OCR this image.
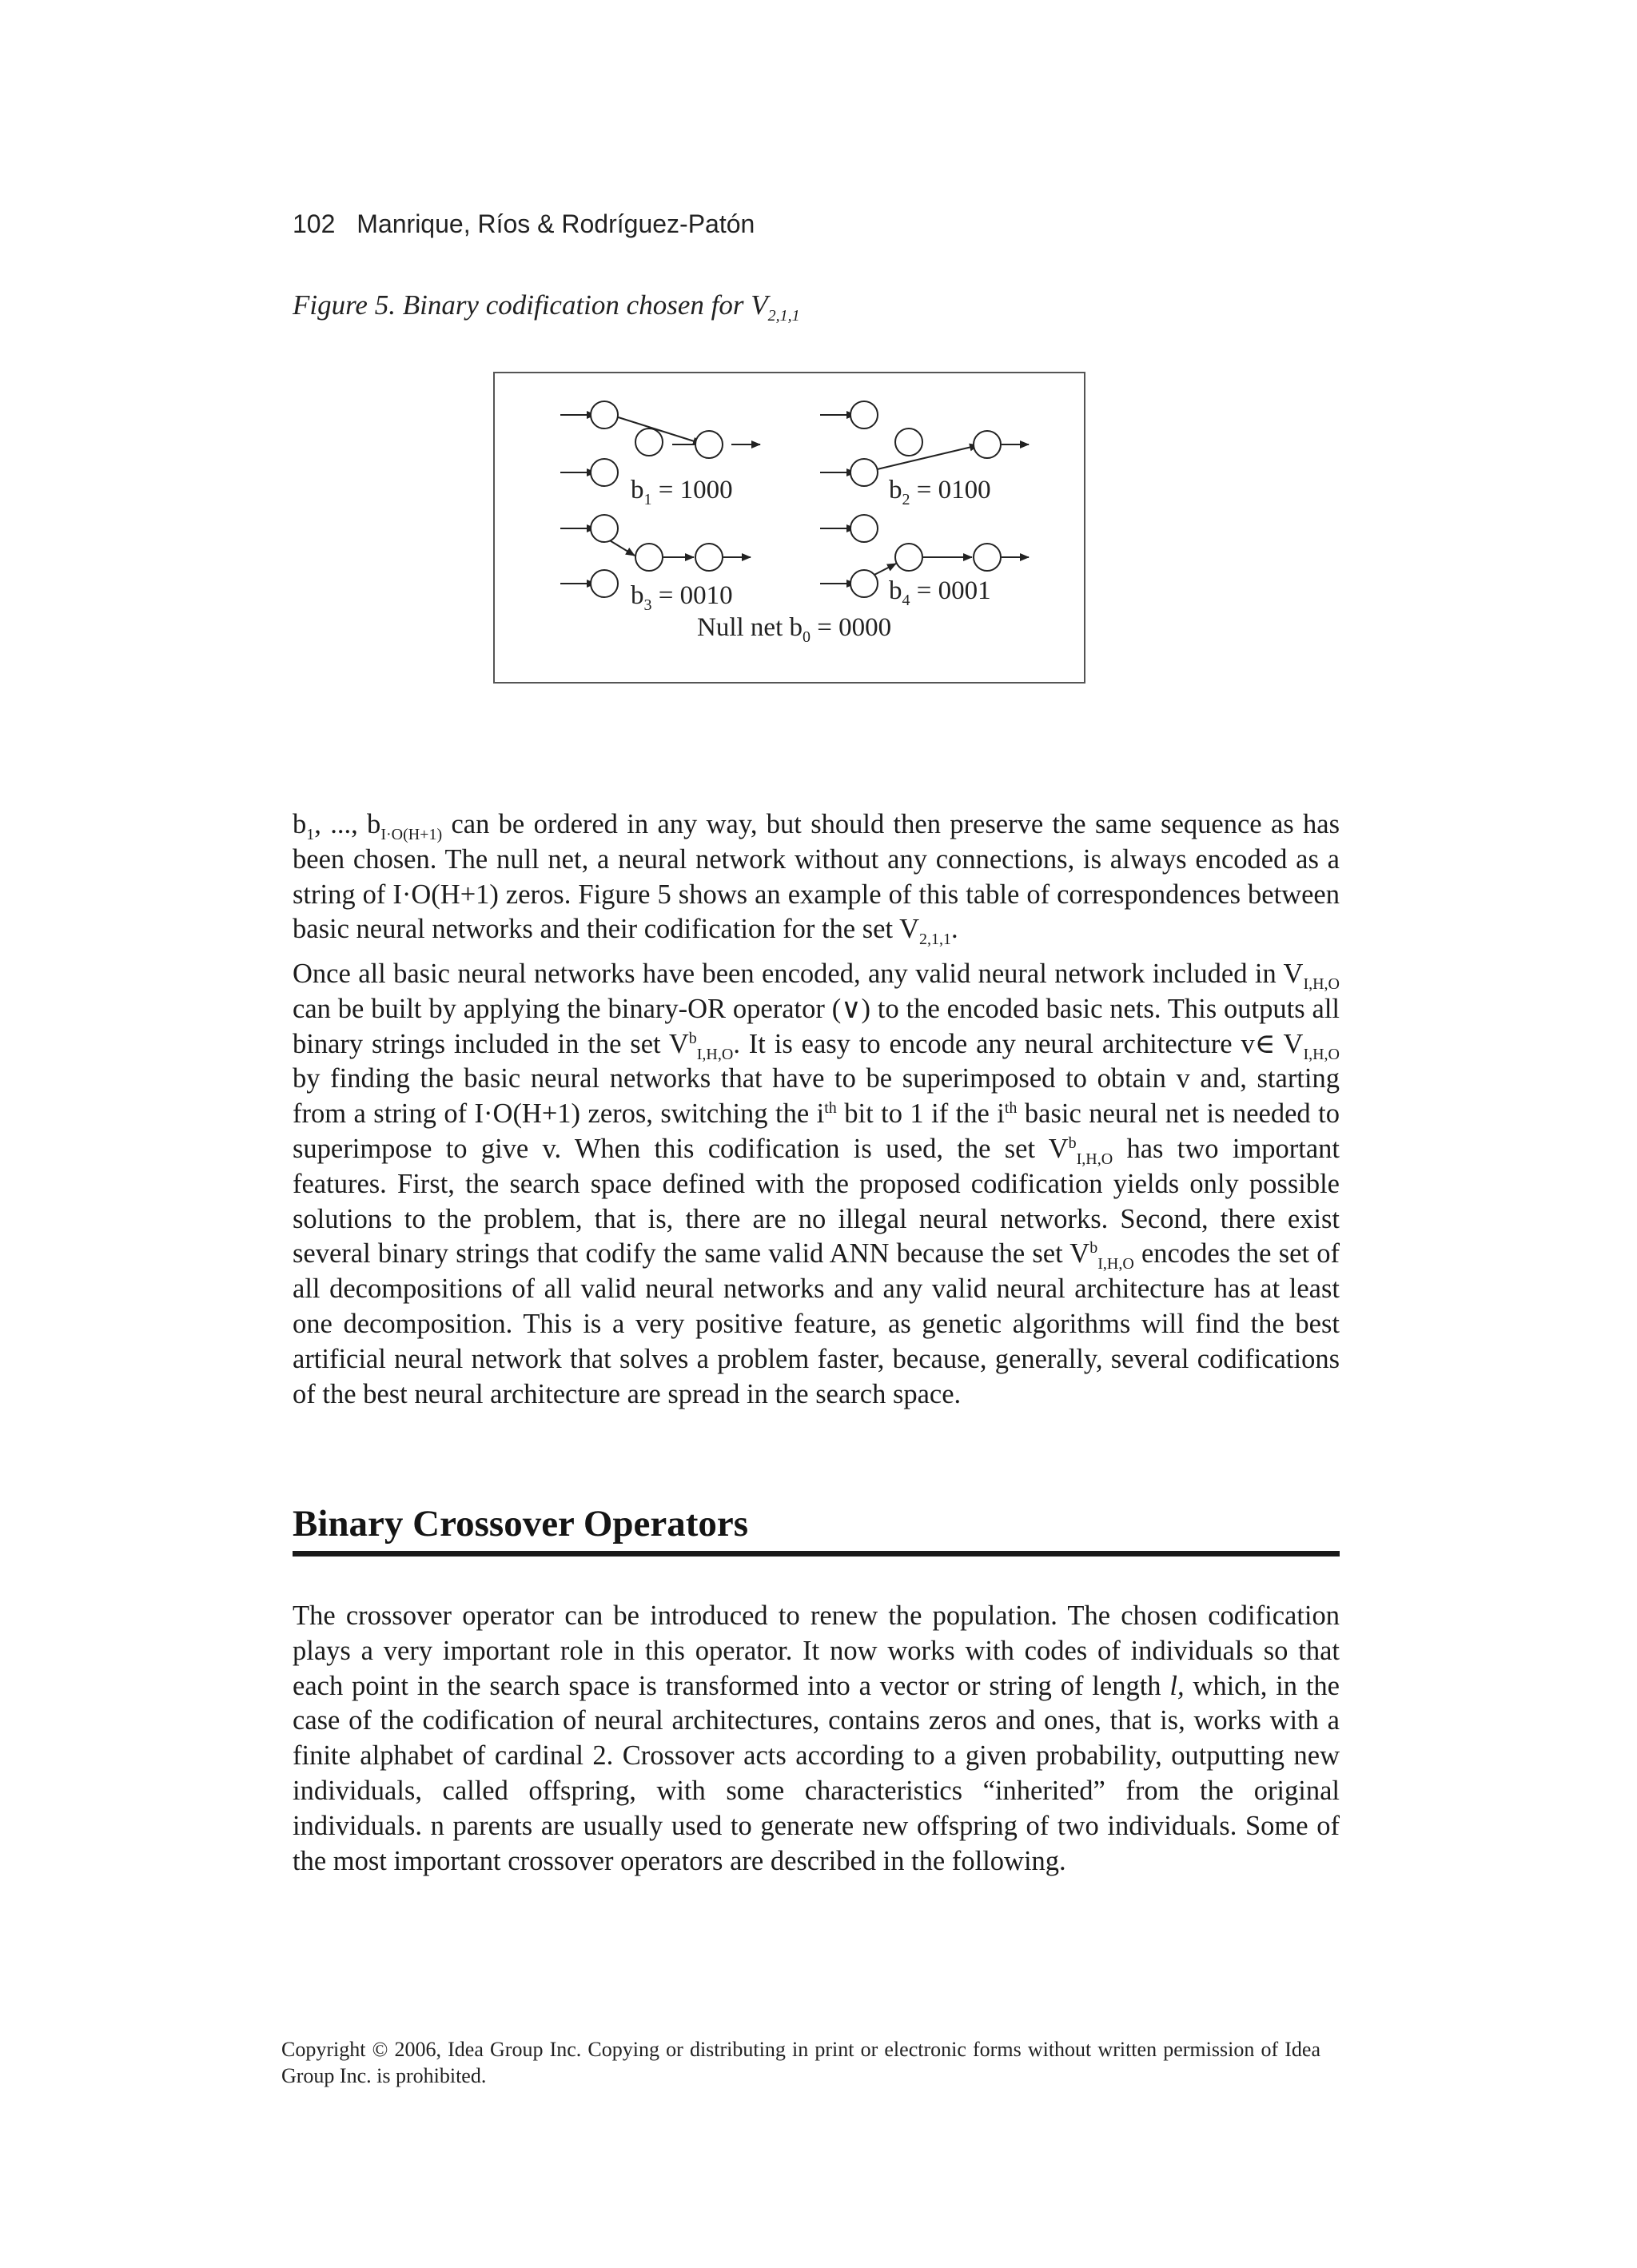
102 Manrique, Ríos & Rodríguez-Patón
Figure 5. Binary codification chosen for $V_{2,1,1}$
$b_1 = 1000$	$b_2 = 0100$
$b_3 = 0010$	$b_4 = 0001$
Null net $b_0 = 0000$

$b_1$, ..., $b_{I\cdot O(H+1)}$ can be ordered in any way, but should then preserve the same sequence as has been chosen. The null net, a neural network without any connections, is always encoded as a string of I·O(H+1) zeros. Figure 5 shows an example of this table of correspondences between basic neural networks and their codification for the set $V_{2,1,1}$.

Once all basic neural networks have been encoded, any valid neural network included in $V_{I,H,O}$ can be built by applying the binary-OR operator (∨) to the encoded basic nets. This outputs all binary strings included in the set $V^b_{I,H,O}$. It is easy to encode any neural architecture v∈ $V_{I,H,O}$ by finding the basic neural networks that have to be superimposed to obtain v and, starting from a string of I·O(H+1) zeros, switching the $i^{th}$ bit to 1 if the $i^{th}$ basic neural net is needed to superimpose to give v. When this codification is used, the set $V^b_{I,H,O}$ has two important features. First, the search space defined with the proposed codification yields only possible solutions to the problem, that is, there are no illegal neural networks. Second, there exist several binary strings that codify the same valid ANN because the set $V^b_{I,H,O}$ encodes the set of all decompositions of all valid neural networks and any valid neural architecture has at least one decomposition. This is a very positive feature, as genetic algorithms will find the best artificial neural network that solves a problem faster, because, generally, several codifications of the best neural architecture are spread in the search space.

Binary Crossover Operators

The crossover operator can be introduced to renew the population. The chosen codification plays a very important role in this operator. It now works with codes of individuals so that each point in the search space is transformed into a vector or string of length l, which, in the case of the codification of neural architectures, contains zeros and ones, that is, works with a finite alphabet of cardinal 2. Crossover acts according to a given probability, outputting new individuals, called offspring, with some characteristics “inherited” from the original individuals. n parents are usually used to generate new offspring of two individuals. Some of the most important crossover operators are described in the following.

Copyright © 2006, Idea Group Inc. Copying or distributing in print or electronic forms without written permission of Idea Group Inc. is prohibited.
